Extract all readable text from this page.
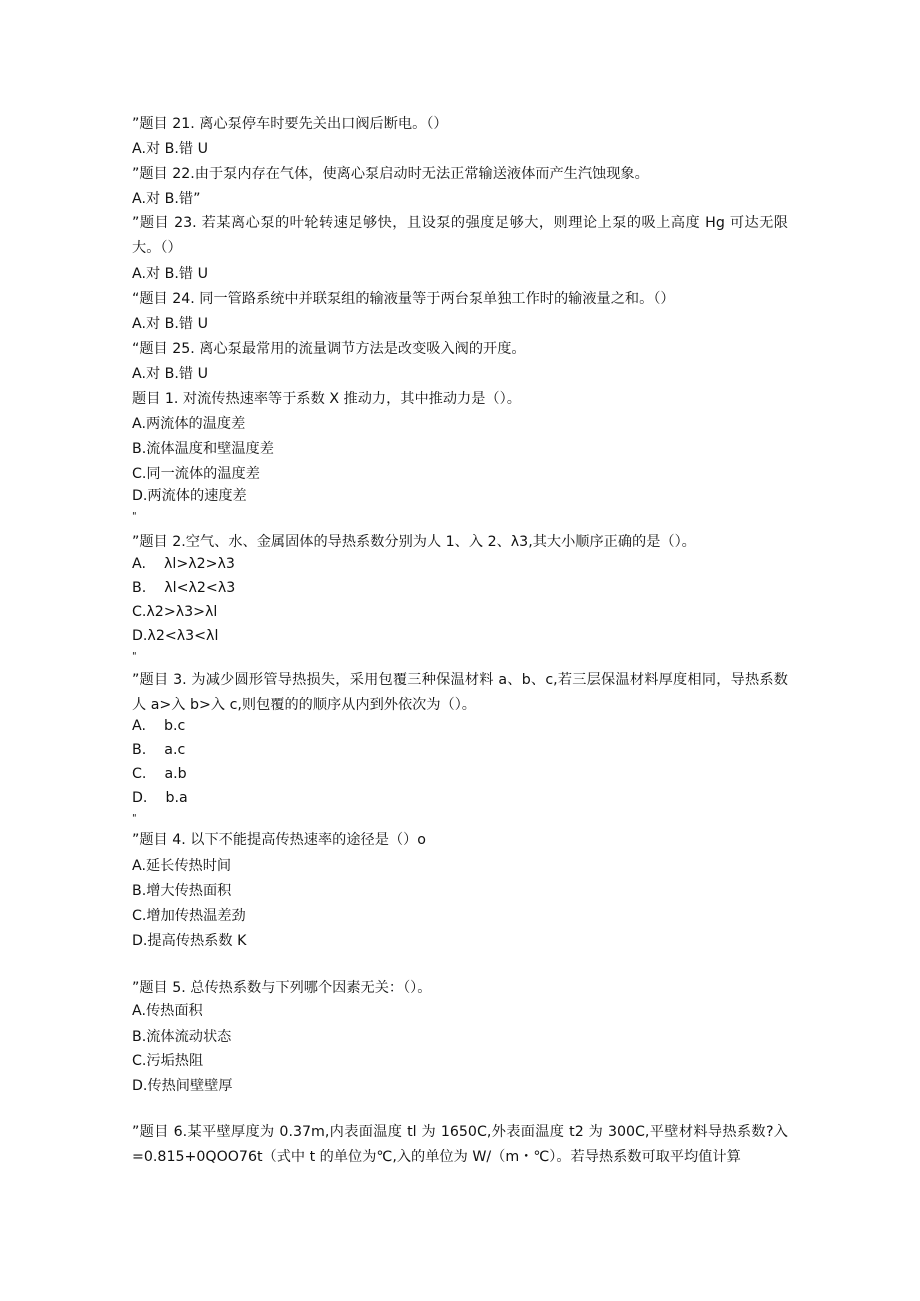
”题目 21. 离心泵停车时要先关出口阀后断电。（）
A.对 B.错 U
”题目 22.由于泵内存在气体，使离心泵启动时无法正常输送液体而产生汽蚀现象。
A.对 B.错”
”题目 23. 若某离心泵的叶轮转速足够快，且设泵的强度足够大，则理论上泵的吸上高度 Hg 可达无限大。（）
A.对 B.错 U
“题目 24. 同一管路系统中并联泵组的输液量等于两台泵单独工作时的输液量之和。（）
A.对 B.错 U
“题目 25. 离心泵最常用的流量调节方法是改变吸入阀的开度。
A.对 B.错 U
题目 1. 对流传热速率等于系数 X 推动力，其中推动力是（）。
A.两流体的温度差
B.流体温度和壁温度差
C.同一流体的温度差
D.两流体的速度差
"
”题目 2.空气、水、金属固体的导热系数分别为人 1、入 2、λ3,其大小顺序正确的是（）。
A.    λl>λ2>λ3
B.    λl<λ2<λ3
C.λ2>λ3>λl
D.λ2<λ3<λl
"
”题目 3. 为减少圆形管导热损失，采用包覆三种保温材料 a、b、c,若三层保温材料厚度相同，导热系数人 a>入 b>入 c,则包覆的的顺序从内到外依次为（）。
A.    b.c
B.    a.c
C.    a.b
D.    b.a
"
”题目 4. 以下不能提高传热速率的途径是（）o
A.延长传热时间
B.增大传热面积
C.增加传热温差劲
D.提高传热系数 K
”题目 5. 总传热系数与下列哪个因素无关：（）。
A.传热面积
B.流体流动状态
C.污垢热阻
D.传热间壁壁厚
”题目 6.某平壁厚度为 0.37m,内表面温度 tl 为 1650C,外表面温度 t2 为 300C,平壁材料导热系数?入=0.815+0QOO76t（式中 t 的单位为℃,入的单位为 W/（m・℃）。若导热系数可取平均值计算
